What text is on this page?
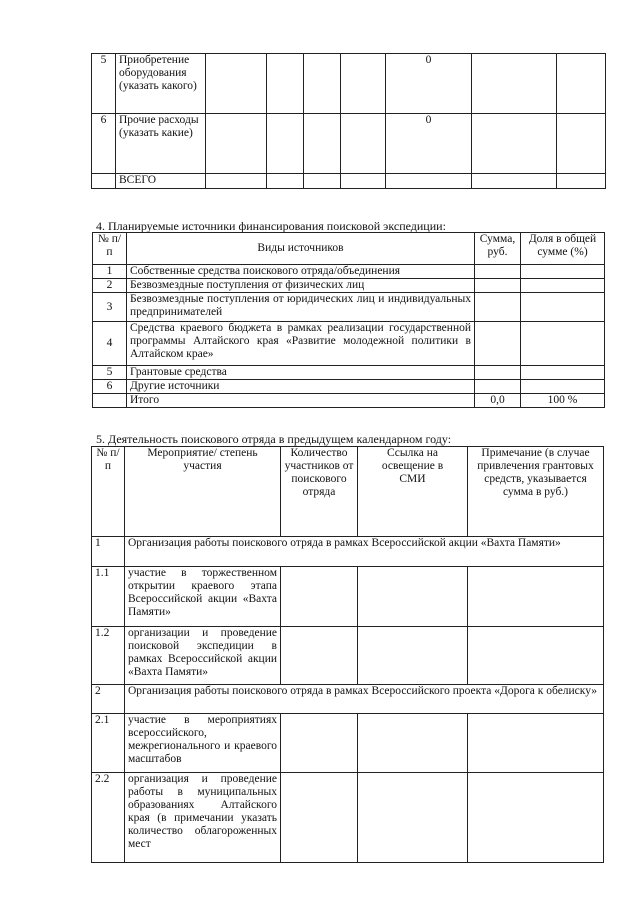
5	Приобретение оборудования (указать какого)					0		
6	Прочие расходы (указать какие)					0		
	ВСЕГО							
4. Планируемые источники финансирования поисковой экспедиции:
№ п/п	Виды источников	Сумма, руб.	Доля в общей сумме (%)
1	Собственные средства поискового отряда/объединения		
2	Безвозмездные поступления от физических лиц		
3	Безвозмездные поступления от юридических лиц и индивидуальных предпринимателей		
4	Средства краевого бюджета в рамках реализации государственной программы Алтайского края «Развитие молодежной политики в Алтайском крае»		
5	Грантовые средства		
6	Другие источники		
	Итого	0,0	100 %
5. Деятельность поискового отряда в предыдущем календарном году:
№ п/п	Мероприятие/ степень участия	Количество участников от поискового отряда	Ссылка на освещение в СМИ	Примечание (в случае привлечения грантовых средств, указывается сумма в руб.)
1	Организация работы поискового отряда в рамках Всероссийской акции «Вахта Памяти»			
1.1	участие в торжественном открытии краевого этапа Всероссийской акции «Вахта Памяти»			
1.2	организации и проведение поисковой экспедиции в рамках Всероссийской акции «Вахта Памяти»			
2	Организация работы поискового отряда в рамках Всероссийского проекта «Дорога к обелиску»			
2.1	участие в мероприятиях всероссийского, межрегионального и краевого масштабов			
2.2	организация и проведение работы в муниципальных образованиях Алтайского края (в примечании указать количество облагороженных мест			
